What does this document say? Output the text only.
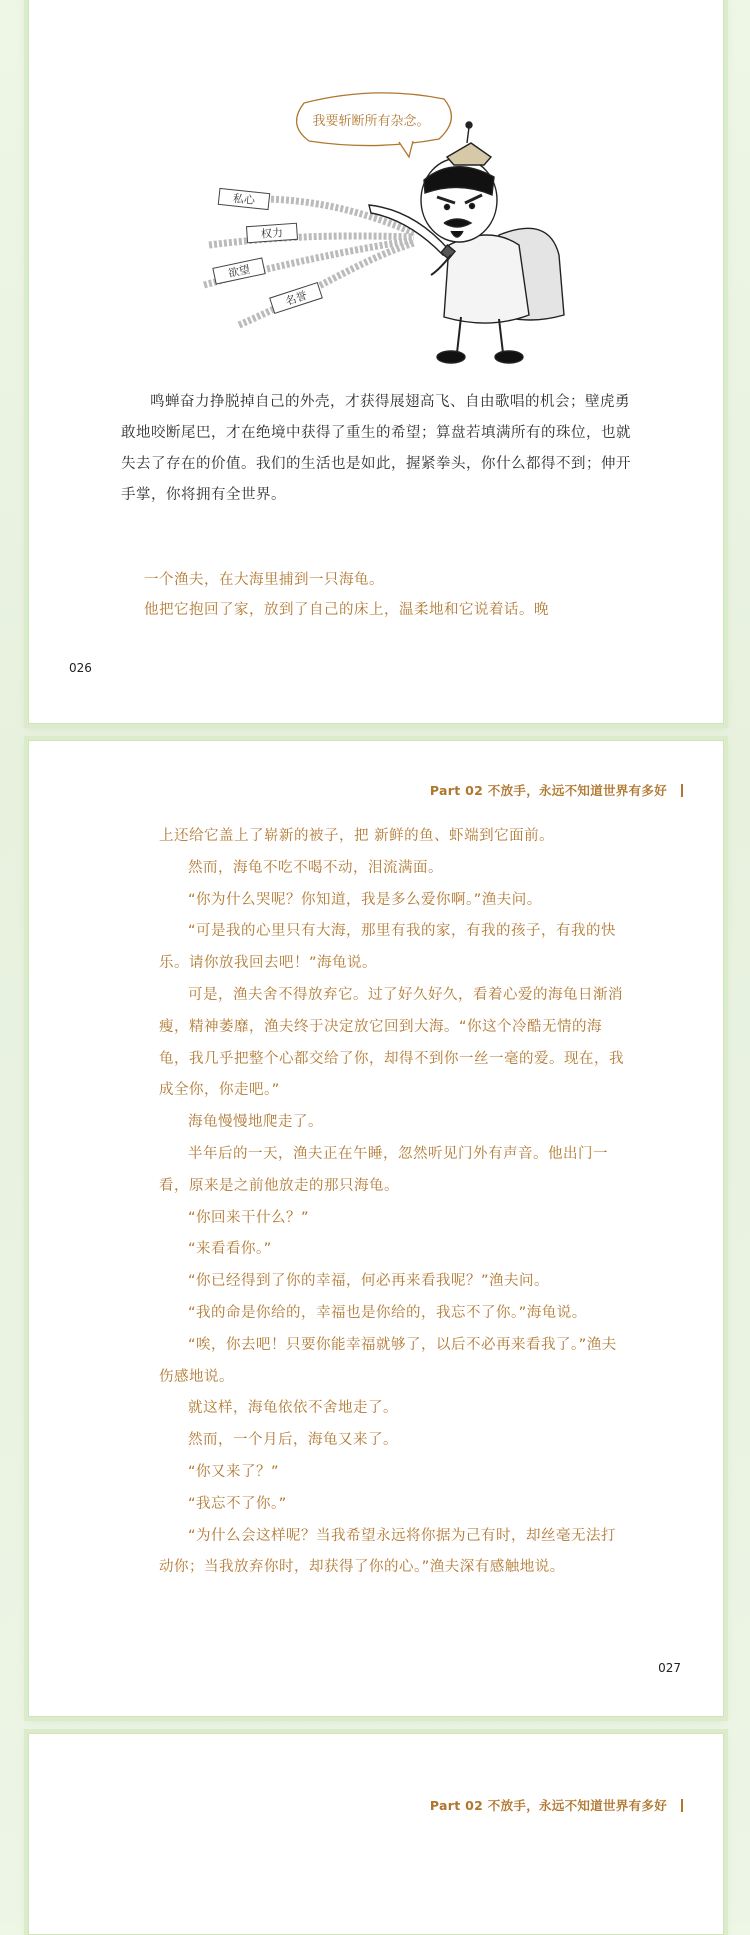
我要斩断所有杂念。
私心
权力
欲望
名誉

鸣蝉奋力挣脱掉自己的外壳，才获得展翅高飞、自由歌唱的机会；壁虎勇敢地咬断尾巴，才在绝境中获得了重生的希望；算盘若填满所有的珠位，也就失去了存在的价值。我们的生活也是如此，握紧拳头，你什么都得不到；伸开手掌，你将拥有全世界。

一个渔夫，在大海里捕到一只海龟。

他把它抱回了家，放到了自己的床上，温柔地和它说着话。晚

026
Part 02 不放手，永远不知道世界有多好

上还给它盖上了崭新的被子，把 新鲜的鱼、虾端到它面前。

然而，海龟不吃不喝不动，泪流满面。

“你为什么哭呢？你知道，我是多么爱你啊。”渔夫问。

“可是我的心里只有大海，那里有我的家，有我的孩子，有我的快乐。请你放我回去吧！”海龟说。

可是，渔夫舍不得放弃它。过了好久好久，看着心爱的海龟日渐消瘦，精神萎靡，渔夫终于决定放它回到大海。“你这个冷酷无情的海龟，我几乎把整个心都交给了你，却得不到你一丝一毫的爱。现在，我成全你，你走吧。”

海龟慢慢地爬走了。

半年后的一天，渔夫正在午睡，忽然听见门外有声音。他出门一看，原来是之前他放走的那只海龟。

“你回来干什么？”

“来看看你。”

“你已经得到了你的幸福，何必再来看我呢？”渔夫问。

“我的命是你给的，幸福也是你给的，我忘不了你。”海龟说。

“唉，你去吧！只要你能幸福就够了，以后不必再来看我了。”渔夫伤感地说。

就这样，海龟依依不舍地走了。

然而，一个月后，海龟又来了。

“你又来了？”

“我忘不了你。”

“为什么会这样呢？当我希望永远将你据为己有时，却丝毫无法打动你；当我放弃你时，却获得了你的心。”渔夫深有感触地说。

027
Part 02 不放手，永远不知道世界有多好
